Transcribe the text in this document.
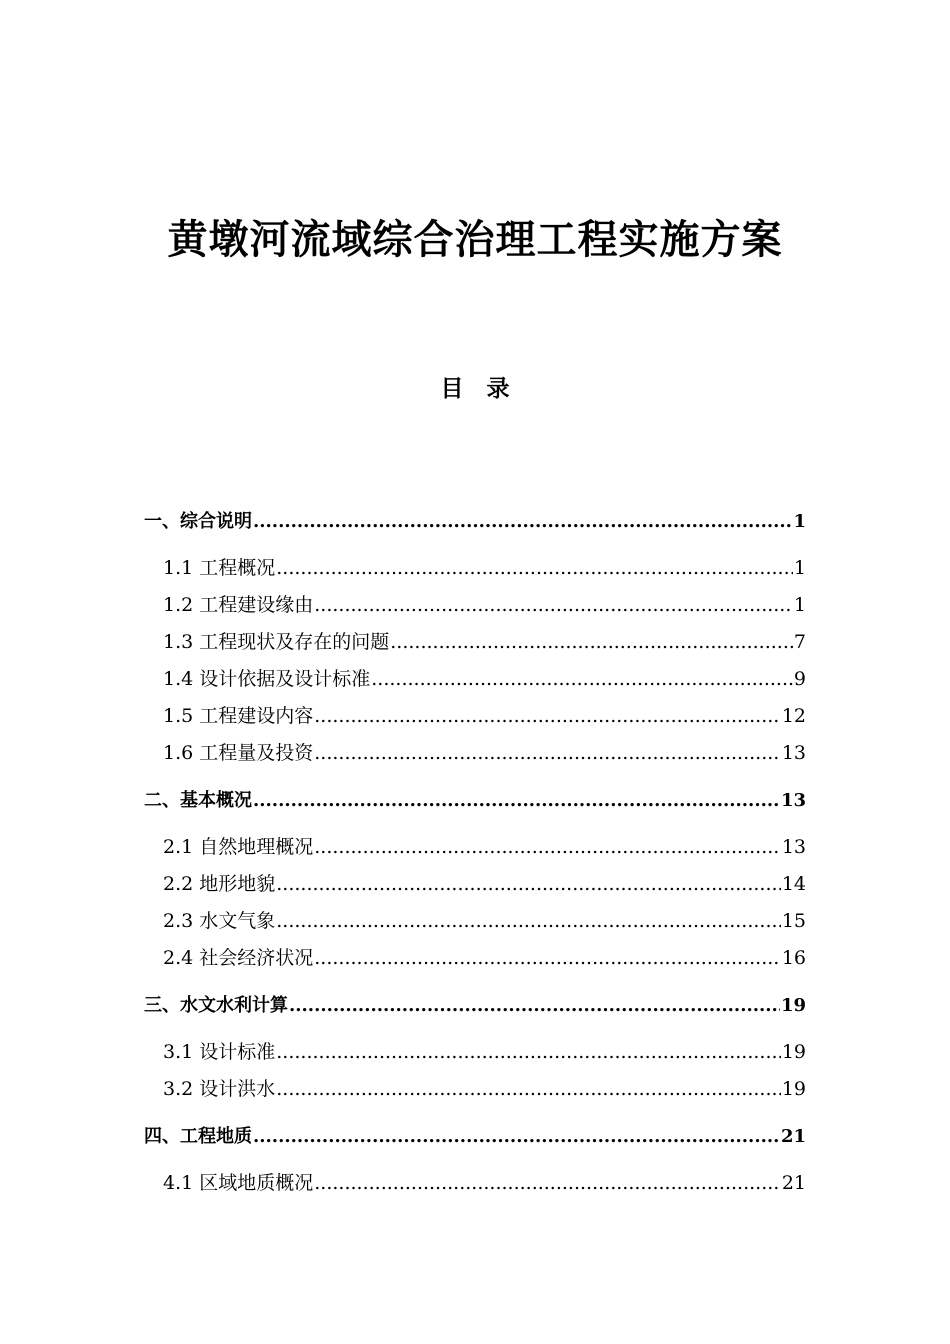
黄墩河流域综合治理工程实施方案
目　录
一、综合说明 .....	1
1.1 工程概况 .....	1
1.2 工程建设缘由 .....	1
1.3 工程现状及存在的问题 .....	7
1.4 设计依据及设计标准 .....	9
1.5 工程建设内容 .....	12
1.6 工程量及投资 .....	13
二、基本概况 .....	13
2.1 自然地理概况 .....	13
2.2 地形地貌 .....	14
2.3 水文气象 .....	15
2.4 社会经济状况 .....	16
三、水文水利计算 .....	19
3.1 设计标准 .....	19
3.2 设计洪水 .....	19
四、工程地质 .....	21
4.1 区域地质概况 .....	21
